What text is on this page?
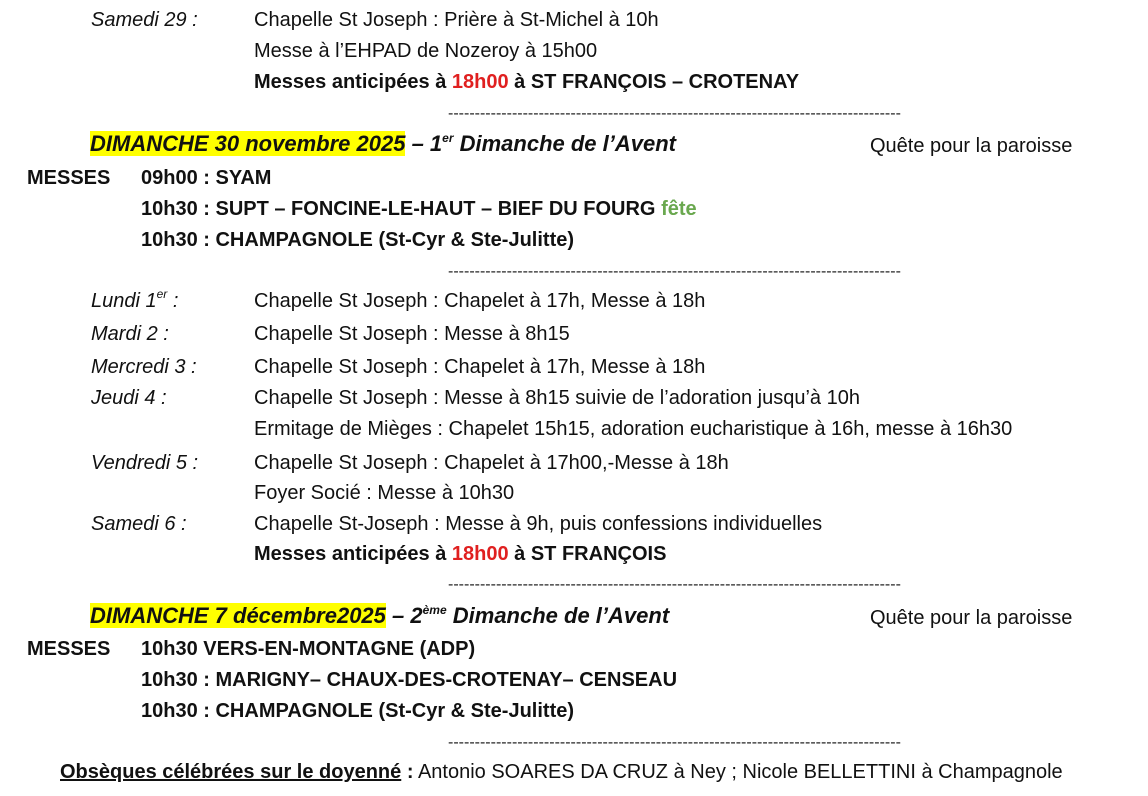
Samedi 29 :	Chapelle St Joseph : Prière à St-Michel à 10h
Messe à l’EHPAD de Nozeroy à 15h00
Messes anticipées à 18h00 à ST FRANÇOIS – CROTENAY
-------------------------------------------------------------------------------------
DIMANCHE 30 novembre 2025 – 1er Dimanche de l’Avent	Quête pour la paroisse
MESSES 09h00 : SYAM
10h30 : SUPT – FONCINE-LE-HAUT – BIEF DU FOURG fête
10h30 : CHAMPAGNOLE (St-Cyr & Ste-Julitte)
-------------------------------------------------------------------------------------
Lundi 1er :	Chapelle St Joseph : Chapelet à 17h, Messe à 18h
Mardi 2 :	Chapelle St Joseph : Messe à 8h15
Mercredi 3 :	Chapelle St Joseph : Chapelet à 17h, Messe à 18h
Jeudi 4 :	Chapelle St Joseph : Messe à 8h15 suivie de l’adoration jusqu’à 10h
Ermitage de Mièges : Chapelet 15h15, adoration eucharistique à 16h, messe à 16h30
Vendredi 5 :	Chapelle St Joseph : Chapelet à 17h00,-Messe à 18h
Foyer Socié : Messe à 10h30
Samedi 6 :	Chapelle St-Joseph : Messe à 9h, puis confessions individuelles
Messes anticipées à 18h00 à ST FRANÇOIS
-------------------------------------------------------------------------------------
DIMANCHE 7 décembre2025 – 2ème Dimanche de l’Avent	Quête pour la paroisse
MESSES 10h30 VERS-EN-MONTAGNE (ADP)
10h30 : MARIGNY– CHAUX-DES-CROTENAY– CENSEAU
10h30 : CHAMPAGNOLE (St-Cyr & Ste-Julitte)
-------------------------------------------------------------------------------------
Obsèques célébrées sur le doyenné : Antonio SOARES DA CRUZ à Ney ; Nicole BELLETTINI à Champagnole
